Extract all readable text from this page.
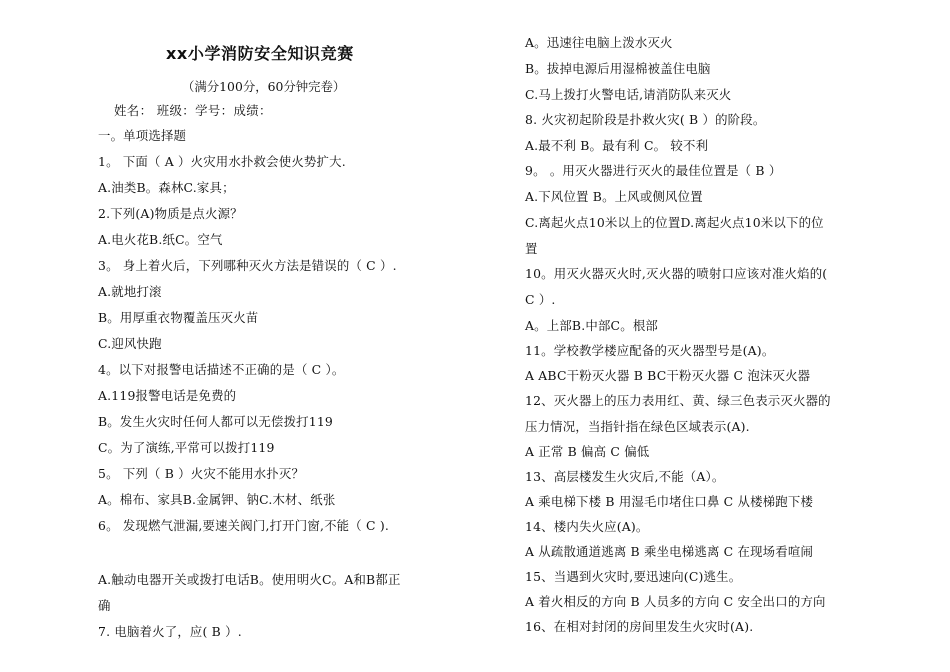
xx小学消防安全知识竞赛
（满分100分，60分钟完卷）
姓名： 班级：学号：成绩：
一。单项选择题
1。 下面（ A ）火灾用水扑救会使火势扩大.
A.油类B。森林C.家具；
2.下列(A)物质是点火源？
A.电火花B.纸C。空气
3。 身上着火后，下列哪种灭火方法是错误的（ C ）.
A.就地打滚
B。用厚重衣物覆盖压灭火苗
C.迎风快跑
4。以下对报警电话描述不正确的是（ C ）。
A.119报警电话是免费的
B。发生火灾时任何人都可以无偿拨打119
C。为了演练,平常可以拨打119
5。 下列（ B ）火灾不能用水扑灭？
A。棉布、家具B.金属钾、钠C.木材、纸张
6。 发现燃气泄漏,要速关阀门,打开门窗,不能（ C ).
A.触动电器开关或拨打电话B。使用明火C。A和B都正
确
7. 电脑着火了，应( B ）.
A。迅速往电脑上泼水灭火
B。拔掉电源后用湿棉被盖住电脑
C.马上拨打火警电话,请消防队来灭火
8. 火灾初起阶段是扑救火灾( B ）的阶段。
A.最不利 B。最有利 C。 较不利
9。 。用灭火器进行灭火的最佳位置是（ B ）
A.下风位置 B。上风或侧风位置
C.离起火点10米以上的位置D.离起火点10米以下的位
置
10。用灭火器灭火时,灭火器的喷射口应该对准火焰的(
C ）.
A。上部B.中部C。根部
11。学校教学楼应配备的灭火器型号是(A)。
A ABC干粉灭火器 B BC干粉灭火器 C 泡沫灭火器
12、灭火器上的压力表用红、黄、绿三色表示灭火器的
压力情况，当指针指在绿色区域表示(A).
A 正常 B 偏高 C 偏低
13、高层楼发生火灾后,不能（A）。
A 乘电梯下楼 B 用湿毛巾堵住口鼻 C 从楼梯跑下楼
14、楼内失火应(A)。
A 从疏散通道逃离 B 乘坐电梯逃离 C 在现场看喧闹
15、当遇到火灾时,要迅速向(C)逃生。
A 着火相反的方向 B 人员多的方向 C 安全出口的方向
16、在相对封闭的房间里发生火灾时(A).
